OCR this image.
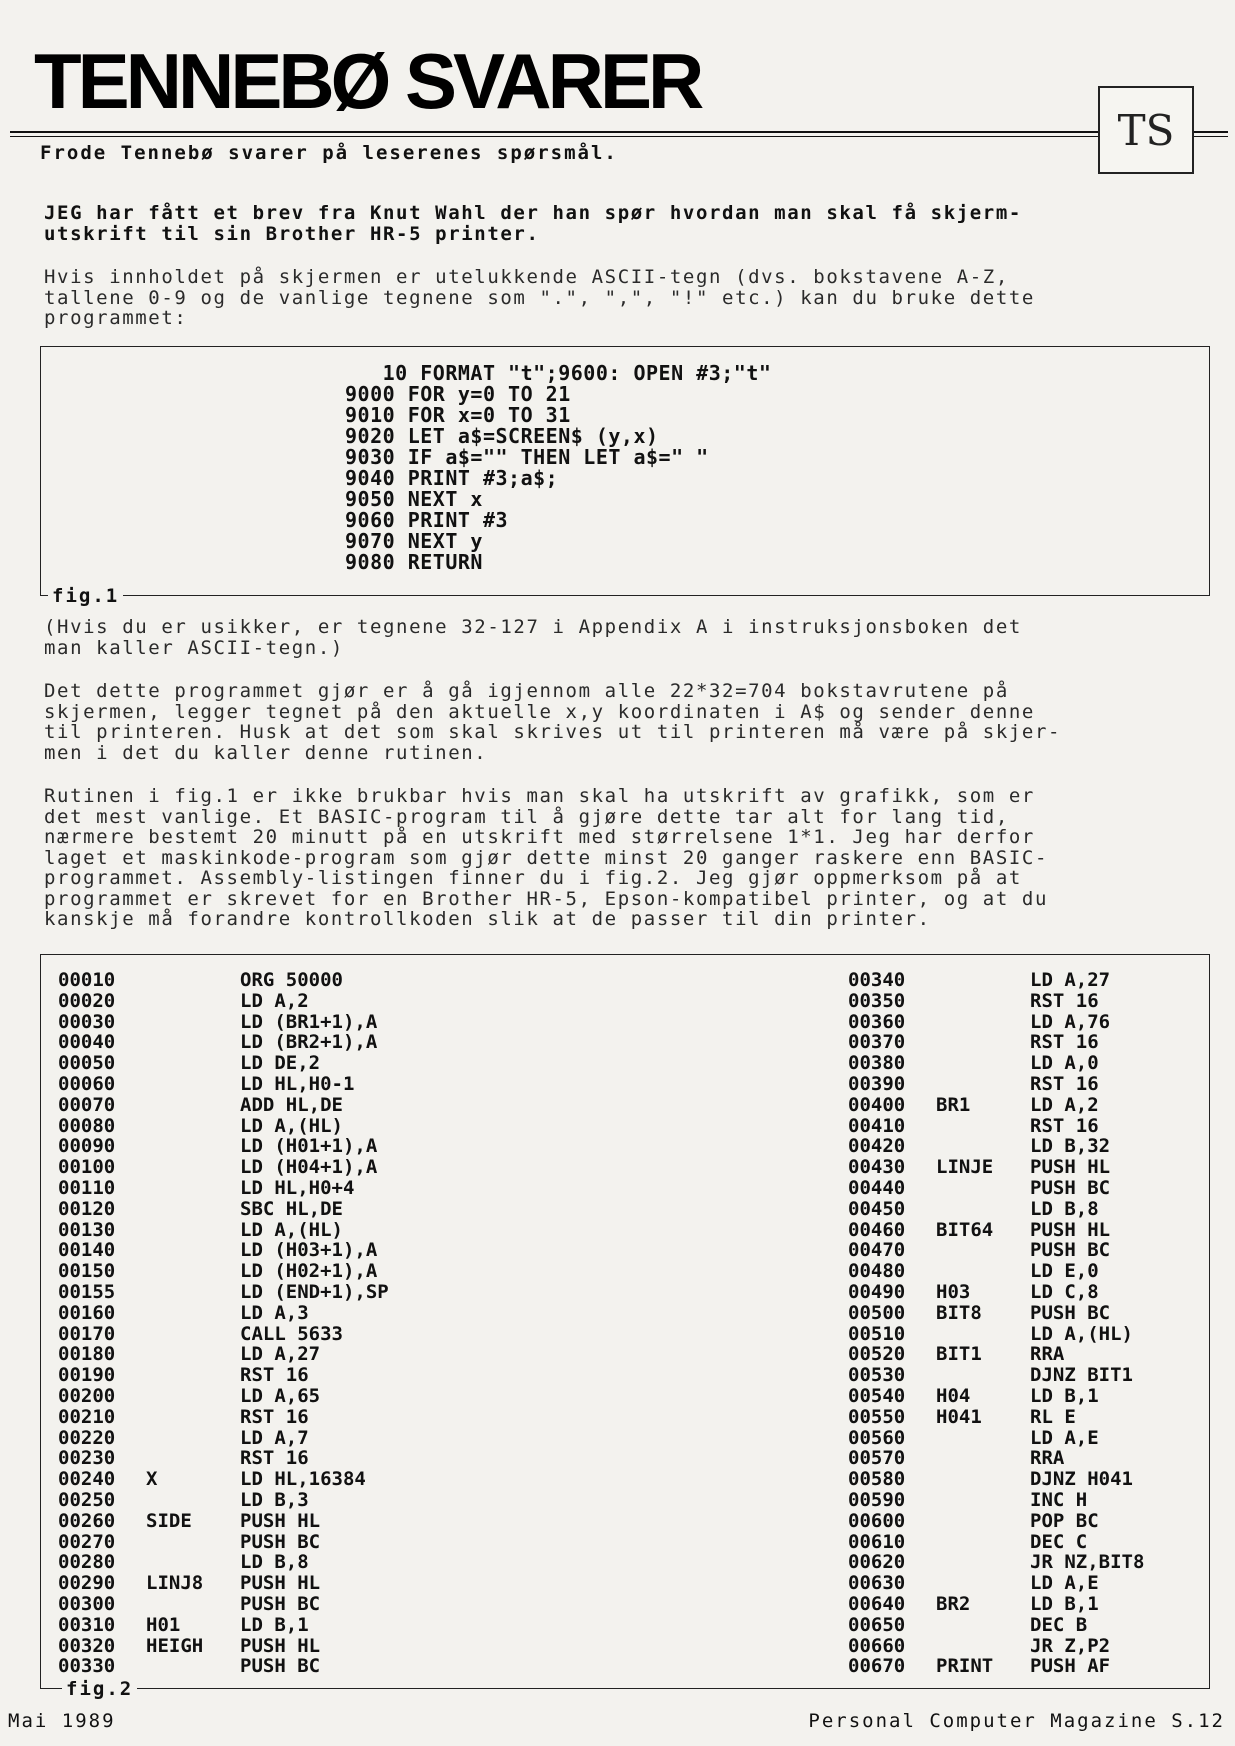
TENNEBØ SVARER
TS
Frode Tennebø svarer på leserenes spørsmål.
JEG har fått et brev fra Knut Wahl der han spør hvordan man skal få skjerm-
utskrift til sin Brother HR-5 printer.
Hvis innholdet på skjermen er utelukkende ASCII-tegn (dvs. bokstavene A-Z,
tallene 0-9 og de vanlige tegnene som ".", ",", "!" etc.) kan du bruke dette
programmet:
10 FORMAT "t";9600: OPEN #3;"t"
9000 FOR y=0 TO 21
9010 FOR x=0 TO 31
9020 LET a$=SCREEN$ (y,x)
9030 IF a$="" THEN LET a$=" "
9040 PRINT #3;a$;
9050 NEXT x
9060 PRINT #3
9070 NEXT y
9080 RETURN
fig.1
(Hvis du er usikker, er tegnene 32-127 i Appendix A i instruksjonsboken det
man kaller ASCII-tegn.)
Det dette programmet gjør er å gå igjennom alle 22*32=704 bokstavrutene på
skjermen, legger tegnet på den aktuelle x,y koordinaten i A$ og sender denne
til printeren. Husk at det som skal skrives ut til printeren må være på skjer-
men i det du kaller denne rutinen.
Rutinen i fig.1 er ikke brukbar hvis man skal ha utskrift av grafikk, som er
det mest vanlige. Et BASIC-program til å gjøre dette tar alt for lang tid,
nærmere bestemt 20 minutt på en utskrift med størrelsene 1*1. Jeg har derfor
laget et maskinkode-program som gjør dette minst 20 ganger raskere enn BASIC-
programmet. Assembly-listingen finner du i fig.2. Jeg gjør oppmerksom på at
programmet er skrevet for en Brother HR-5, Epson-kompatibel printer, og at du
kanskje må forandre kontrollkoden slik at de passer til din printer.
00010	ORG 50000
00020	LD A,2
00030	LD (BR1+1),A
00040	LD (BR2+1),A
00050	LD DE,2
00060	LD HL,H0-1
00070	ADD HL,DE
00080	LD A,(HL)
00090	LD (H01+1),A
00100	LD (H04+1),A
00110	LD HL,H0+4
00120	SBC HL,DE
00130	LD A,(HL)
00140	LD (H03+1),A
00150	LD (H02+1),A
00155	LD (END+1),SP
00160	LD A,3
00170	CALL 5633
00180	LD A,27
00190	RST 16
00200	LD A,65
00210	RST 16
00220	LD A,7
00230	RST 16
00240	X	LD HL,16384
00250	LD B,3
00260	SIDE	PUSH HL
00270	PUSH BC
00280	LD B,8
00290	LINJ8	PUSH HL
00300	PUSH BC
00310	H01	LD B,1
00320	HEIGH	PUSH HL
00330	PUSH BC
00340	LD A,27
00350	RST 16
00360	LD A,76
00370	RST 16
00380	LD A,0
00390	RST 16
00400	BR1	LD A,2
00410	RST 16
00420	LD B,32
00430	LINJE	PUSH HL
00440	PUSH BC
00450	LD B,8
00460	BIT64	PUSH HL
00470	PUSH BC
00480	LD E,0
00490	H03	LD C,8
00500	BIT8	PUSH BC
00510	LD A,(HL)
00520	BIT1	RRA
00530	DJNZ BIT1
00540	H04	LD B,1
00550	H041	RL E
00560	LD A,E
00570	RRA
00580	DJNZ H041
00590	INC H
00600	POP BC
00610	DEC C
00620	JR NZ,BIT8
00630	LD A,E
00640	BR2	LD B,1
00650	DEC B
00660	JR Z,P2
00670	PRINT	PUSH AF
fig.2
Mai 1989	Personal Computer Magazine S.12
